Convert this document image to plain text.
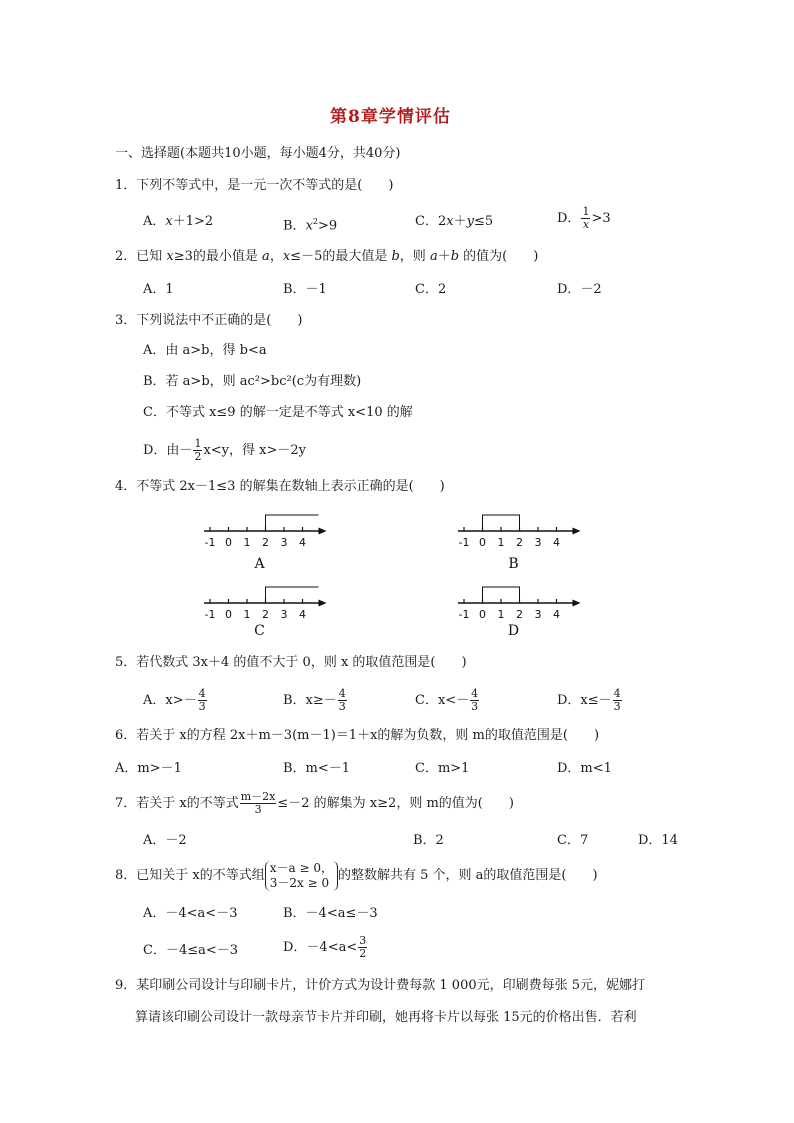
第8章学情评估
一、选择题(本题共10小题，每小题4分，共40分)
1．下列不等式中，是一元一次不等式的是(　　)
A．x＋1>2	B．$x^2>9$	C．2x＋y≤5	D． $\frac{1}{x} >3$
2．已知 x≥3的最小值是 a，x≤－5的最大值是 b，则 a＋b 的值为(　　)
A．1	B．－1	C．2	D．－2
3．下列说法中不正确的是(　　)
A．由 a>b，得 b<a
B．若 a>b，则 ac²>bc²(c为有理数)
C．不等式 x≤9 的解一定是不等式 x<10 的解
D．由－ $\frac{1}{2} x<y$，得 x>－2y
4．不等式 2x－1≤3 的解集在数轴上表示正确的是(　　)
-1 0 1 2 3 4
A
-1 0 1 2 3 4
B
-1 0 1 2 3 4
C
-1 0 1 2 3 4
D
5．若代数式 3x＋4 的值不大于 0，则 x 的取值范围是(　　)
A．$x>- \frac{4}{3}$	B．$x\ge- \frac{4}{3}$	C．$x<- \frac{4}{3}$	D．$x\le- \frac{4}{3}$
6．若关于 x的方程 2x＋m－3(m－1)＝1＋x的解为负数，则 m的取值范围是(　　)
A．m>－1	B．m<－1	C．m>1	D．m<1
7．若关于 x的不等式 $\frac{m-2x}{3} \le-2$ 的解集为 x≥2，则 m的值为(　　)
A．－2	B．2	C．7	D．14
8．已知关于 x的不等式组
x－a ≥ 0，
3－2x ≥ 0 的整数解共有 5 个，则 a的取值范围是(　　)
A．－4<a<－3	B．－4<a≤－3
C．－4≤a<－3	D．$-4<a< \frac{3}{2}$
9．某印刷公司设计与印刷卡片，计价方式为设计费每款 1 000元，印刷费每张 5元，妮娜打
算请该印刷公司设计一款母亲节卡片并印刷，她再将卡片以每张 15元的价格出售．若利
